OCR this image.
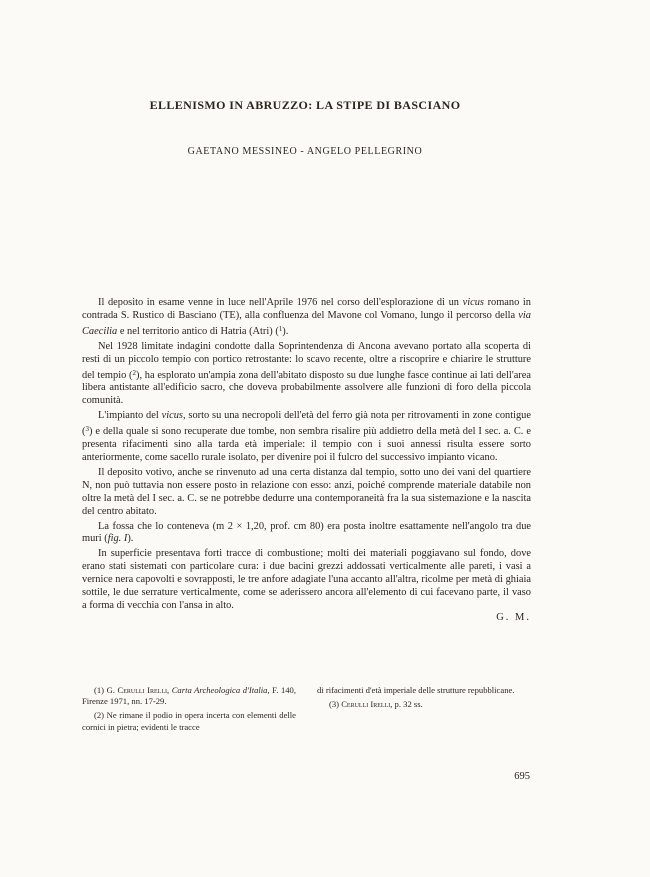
ELLENISMO IN ABRUZZO: LA STIPE DI BASCIANO

GAETANO MESSINEO - ANGELO PELLEGRINO

Il deposito in esame venne in luce nell'Aprile 1976 nel corso dell'esplorazione di un vicus romano in contrada S. Rustico di Basciano (TE), alla confluenza del Mavone col Vomano, lungo il percorso della via Caecilia e nel territorio antico di Hatria (Atri) ($^1$).

Nel 1928 limitate indagini condotte dalla Soprintendenza di Ancona avevano portato alla scoperta di resti di un piccolo tempio con portico retrostante: lo scavo recente, oltre a riscoprire e chiarire le strutture del tempio ($^2$), ha esplorato un'ampia zona dell'abitato disposto su due lunghe fasce continue ai lati dell'area libera antistante all'edificio sacro, che doveva probabilmente assolvere alle funzioni di foro della piccola comunità.

L'impianto del vicus, sorto su una necropoli dell'età del ferro già nota per ritrovamenti in zone contigue ($^3$) e della quale si sono recuperate due tombe, non sembra risalire più addietro della metà del I sec. a. C. e presenta rifacimenti sino alla tarda età imperiale: il tempio con i suoi annessi risulta essere sorto anteriormente, come sacello rurale isolato, per divenire poi il fulcro del successivo impianto vicano.

Il deposito votivo, anche se rinvenuto ad una certa distanza dal tempio, sotto uno dei vani del quartiere N, non può tuttavia non essere posto in relazione con esso: anzi, poiché comprende materiale databile non oltre la metà del I sec. a. C. se ne potrebbe dedurre una contemporaneità fra la sua sistemazione e la nascita del centro abitato.

La fossa che lo conteneva (m 2 × 1,20, prof. cm 80) era posta inoltre esattamente nell'angolo tra due muri (fig. I).

In superficie presentava forti tracce di combustione; molti dei materiali poggiavano sul fondo, dove erano stati sistemati con particolare cura: i due bacini grezzi addossati verticalmente alle pareti, i vasi a vernice nera capovolti e sovrapposti, le tre anfore adagiate l'una accanto all'altra, ricolme per metà di ghiaia sottile, le due serrature verticalmente, come se aderissero ancora all'elemento di cui facevano parte, il vaso a forma di vecchia con l'ansa in alto.

G. M.

(1) G. Cerulli Irelli, Carta Archeologica d'Italia, F. 140, Firenze 1971, nn. 17-29.

(2) Ne rimane il podio in opera incerta con elementi delle cornici in pietra; evidenti le tracce

di rifacimenti d'età imperiale delle strutture repubblicane.

(3) Cerulli Irelli, p. 32 ss.

695
